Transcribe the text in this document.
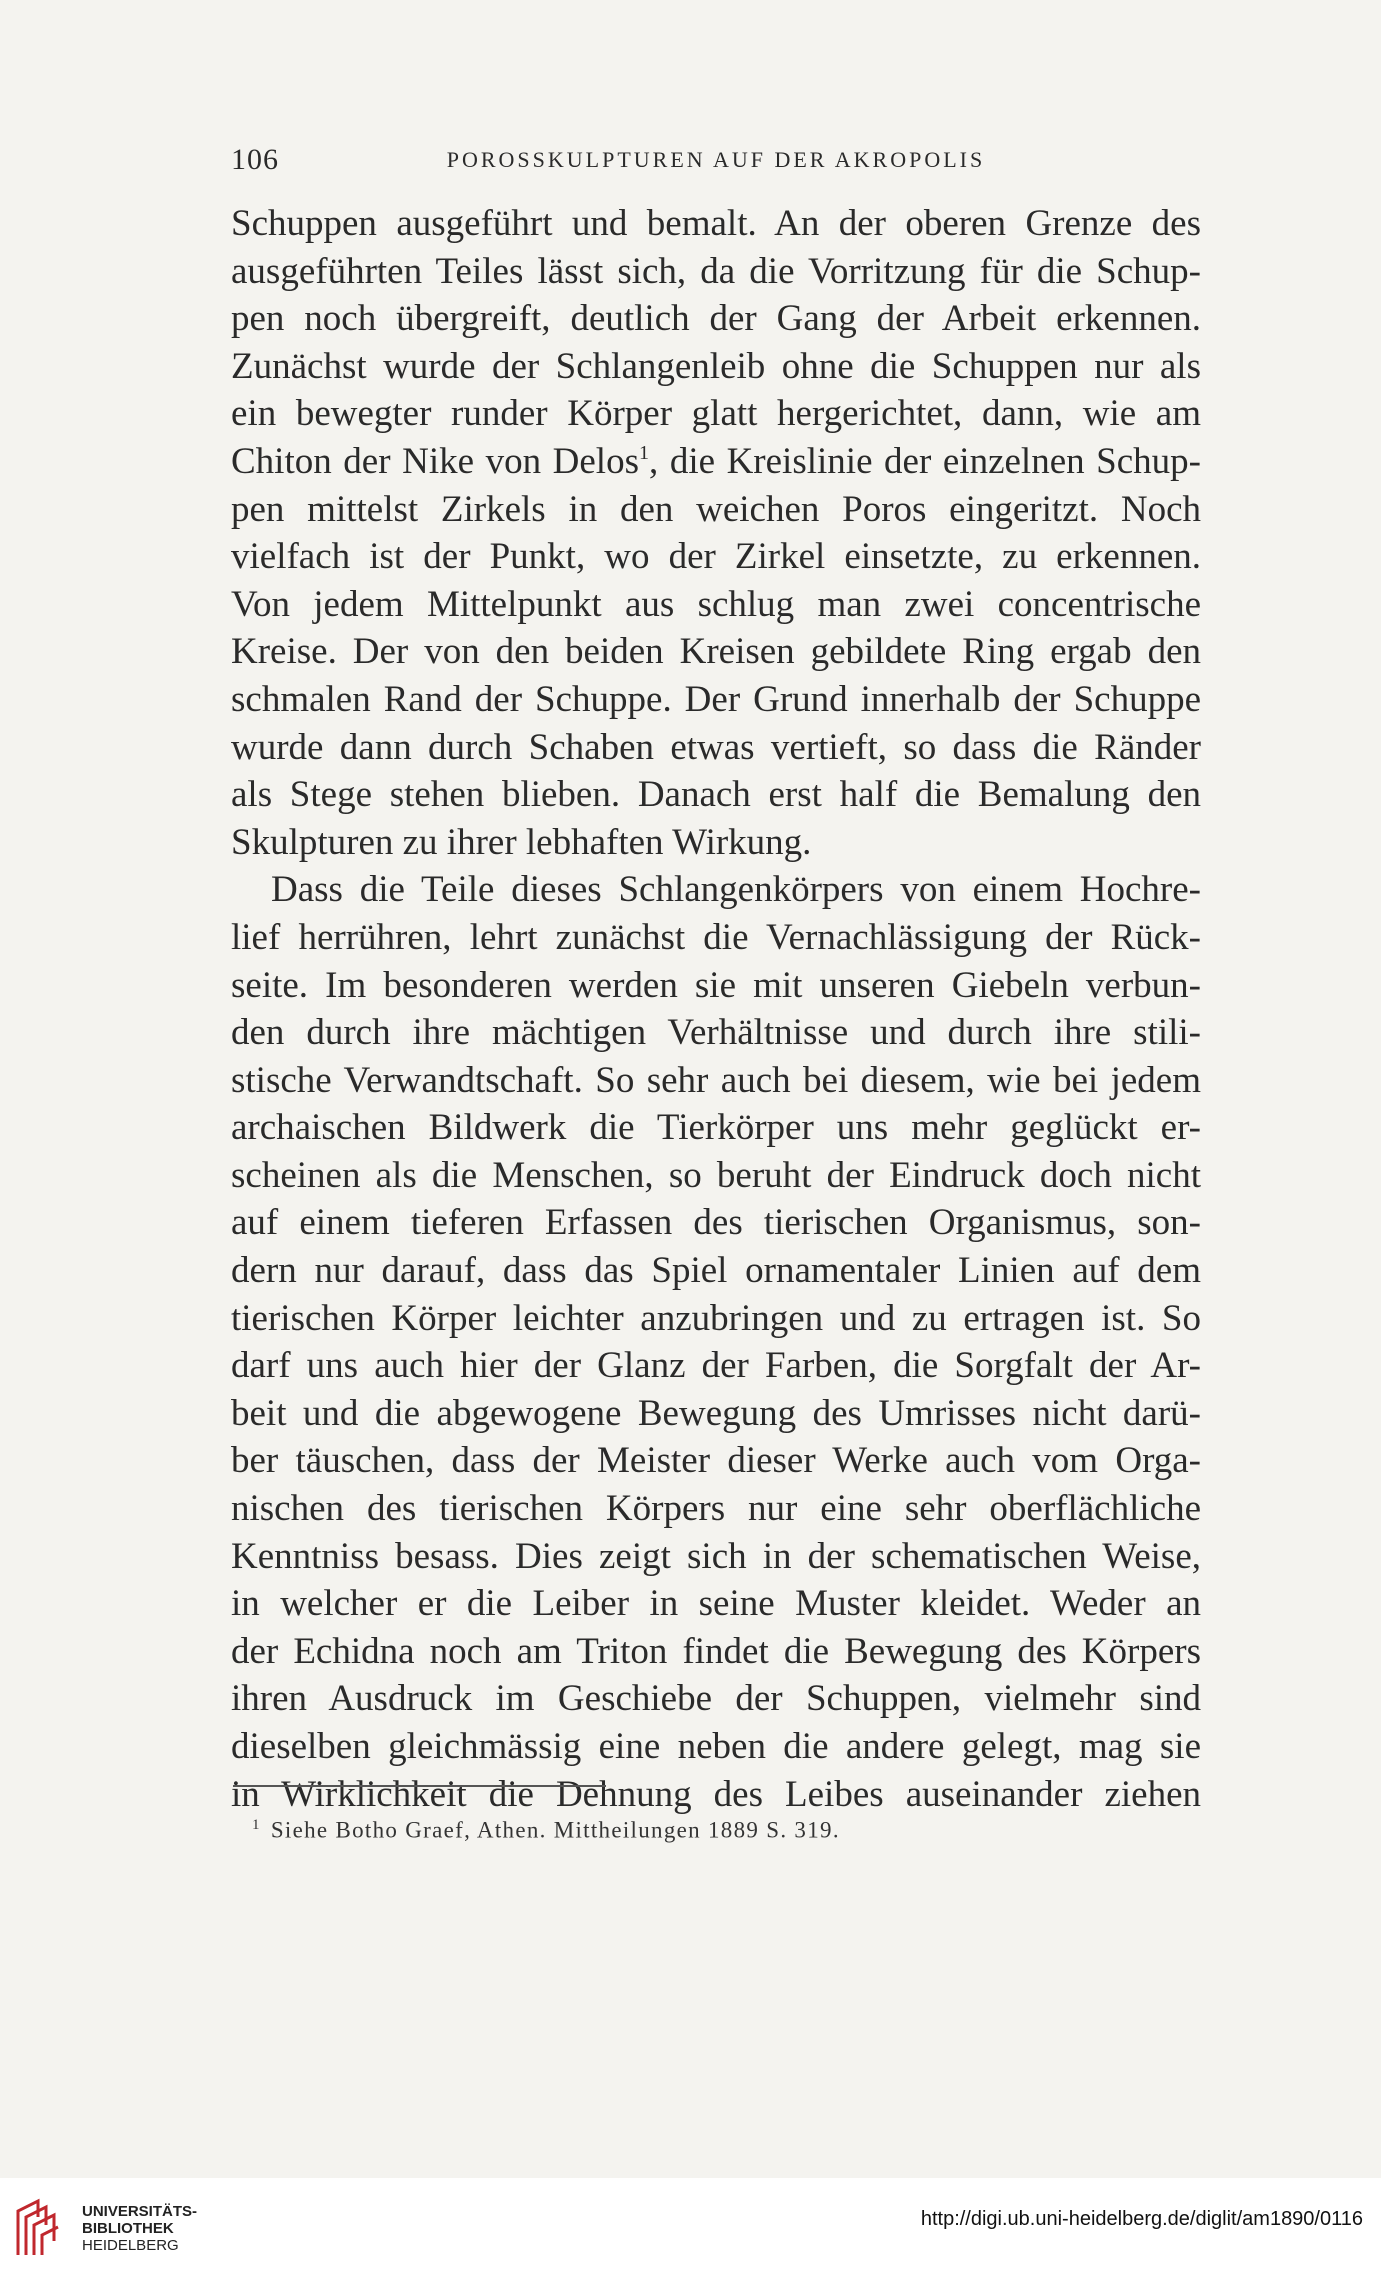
106	POROSSKULPTUREN AUF DER AKROPOLIS
Schuppen ausgeführt und bemalt. An der oberen Grenze des
ausgeführten Teiles lässt sich, da die Vorritzung für die Schup-
pen noch übergreift, deutlich der Gang der Arbeit erkennen.
Zunächst wurde der Schlangenleib ohne die Schuppen nur als
ein bewegter runder Körper glatt hergerichtet, dann, wie am
Chiton der Nike von Delos$^1$, die Kreislinie der einzelnen Schup-
pen mittelst Zirkels in den weichen Poros eingeritzt. Noch
vielfach ist der Punkt, wo der Zirkel einsetzte, zu erkennen.
Von jedem Mittelpunkt aus schlug man zwei concentrische
Kreise. Der von den beiden Kreisen gebildete Ring ergab den
schmalen Rand der Schuppe. Der Grund innerhalb der Schuppe
wurde dann durch Schaben etwas vertieft, so dass die Ränder
als Stege stehen blieben. Danach erst half die Bemalung den
Skulpturen zu ihrer lebhaften Wirkung.
Dass die Teile dieses Schlangenkörpers von einem Hochre-
lief herrühren, lehrt zunächst die Vernachlässigung der Rück-
seite. Im besonderen werden sie mit unseren Giebeln verbun-
den durch ihre mächtigen Verhältnisse und durch ihre stili-
stische Verwandtschaft. So sehr auch bei diesem, wie bei jedem
archaischen Bildwerk die Tierkörper uns mehr geglückt er-
scheinen als die Menschen, so beruht der Eindruck doch nicht
auf einem tieferen Erfassen des tierischen Organismus, son-
dern nur darauf, dass das Spiel ornamentaler Linien auf dem
tierischen Körper leichter anzubringen und zu ertragen ist. So
darf uns auch hier der Glanz der Farben, die Sorgfalt der Ar-
beit und die abgewogene Bewegung des Umrisses nicht darü-
ber täuschen, dass der Meister dieser Werke auch vom Orga-
nischen des tierischen Körpers nur eine sehr oberflächliche
Kenntniss besass. Dies zeigt sich in der schematischen Weise,
in welcher er die Leiber in seine Muster kleidet. Weder an
der Echidna noch am Triton findet die Bewegung des Körpers
ihren Ausdruck im Geschiebe der Schuppen, vielmehr sind
dieselben gleichmässig eine neben die andere gelegt, mag sie
in Wirklichkeit die Dehnung des Leibes auseinander ziehen
$^1$ Siehe Botho Graef, Athen. Mittheilungen 1889 S. 319.
UNIVERSITÄTS-
BIBLIOTHEK
HEIDELBERG
http://digi.ub.uni-heidelberg.de/diglit/am1890/0116
